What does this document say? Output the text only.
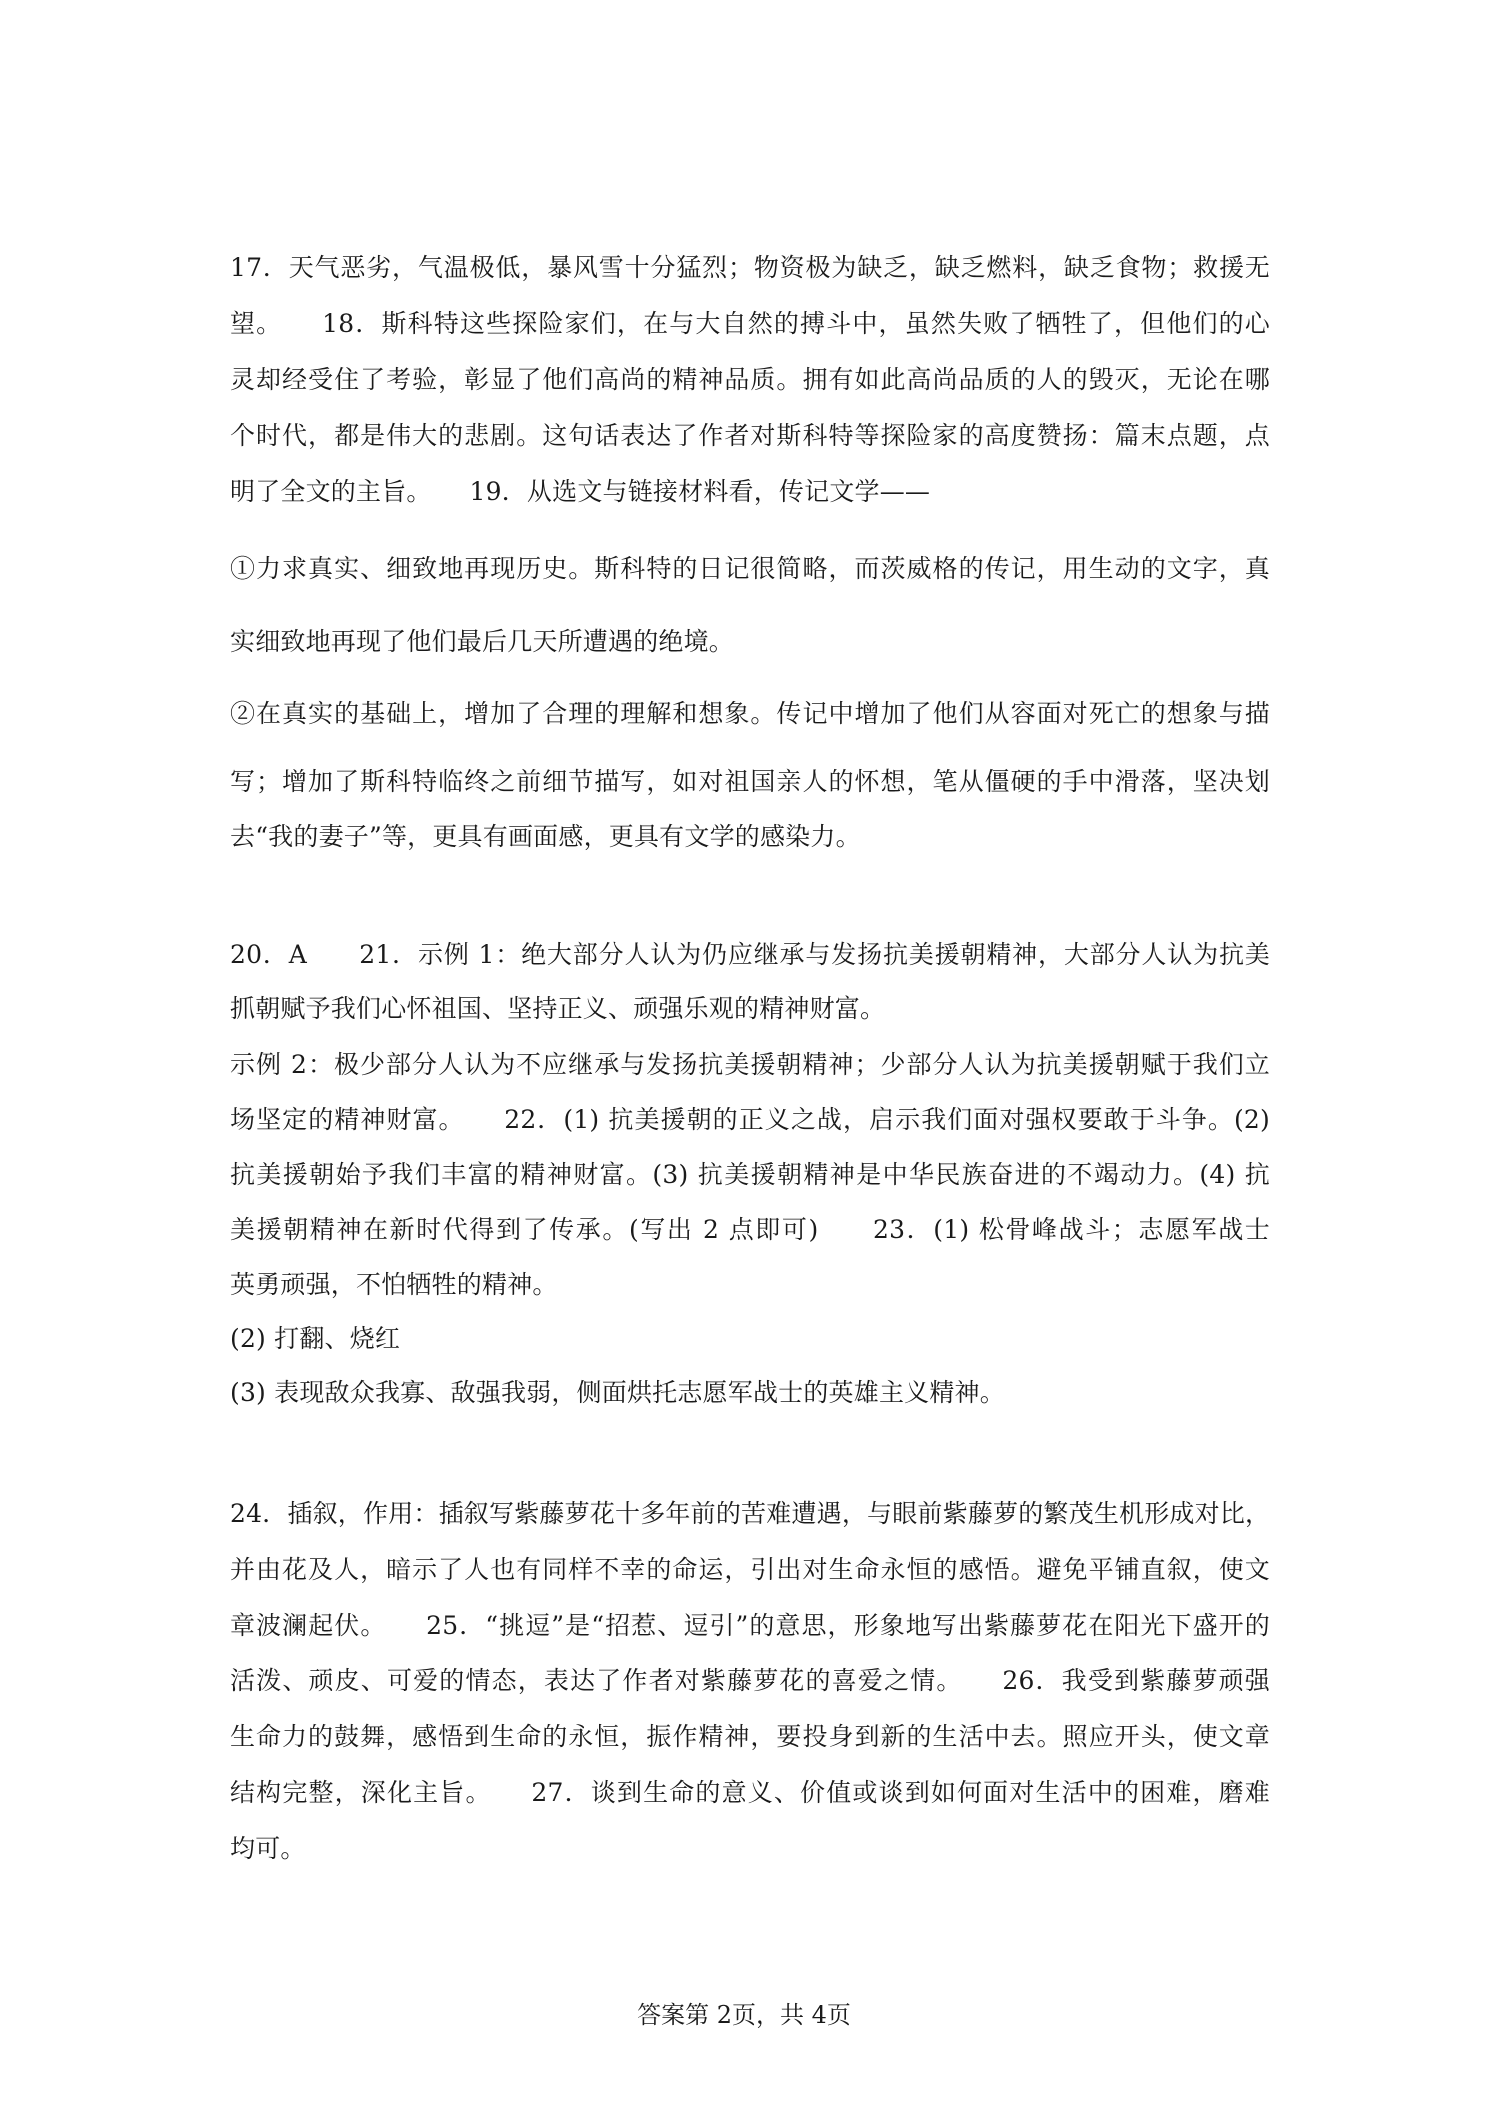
17．天气恶劣，气温极低，暴风雪十分猛烈；物资极为缺乏，缺乏燃料，缺乏食物；救援无
望。　　18．斯科特这些探险家们，在与大自然的搏斗中，虽然失败了牺牲了，但他们的心
灵却经受住了考验，彰显了他们高尚的精神品质。拥有如此高尚品质的人的毁灭，无论在哪
个时代，都是伟大的悲剧。这句话表达了作者对斯科特等探险家的高度赞扬：篇末点题，点
明了全文的主旨。　　19．从选文与链接材料看，传记文学——
①力求真实、细致地再现历史。斯科特的日记很简略，而茨威格的传记，用生动的文字，真
实细致地再现了他们最后几天所遭遇的绝境。
②在真实的基础上，增加了合理的理解和想象。传记中增加了他们从容面对死亡的想象与描
写；增加了斯科特临终之前细节描写，如对祖国亲人的怀想，笔从僵硬的手中滑落，坚决划
去“我的妻子”等，更具有画面感，更具有文学的感染力。
20．A　　21．示例 1：绝大部分人认为仍应继承与发扬抗美援朝精神，大部分人认为抗美
抓朝赋予我们心怀祖国、坚持正义、顽强乐观的精神财富。
示例 2：极少部分人认为不应继承与发扬抗美援朝精神；少部分人认为抗美援朝赋于我们立
场坚定的精神财富。　　22．(1) 抗美援朝的正义之战，启示我们面对强权要敢于斗争。(2)
抗美援朝始予我们丰富的精神财富。(3) 抗美援朝精神是中华民族奋进的不竭动力。(4) 抗
美援朝精神在新时代得到了传承。(写出 2 点即可)　　23．(1) 松骨峰战斗；志愿军战士
英勇顽强，不怕牺牲的精神。
(2) 打翻、烧红
(3) 表现敌众我寡、敌强我弱，侧面烘托志愿军战士的英雄主义精神。
24．插叙，作用：插叙写紫藤萝花十多年前的苦难遭遇，与眼前紫藤萝的繁茂生机形成对比，
并由花及人，暗示了人也有同样不幸的命运，引出对生命永恒的感悟。避免平铺直叙，使文
章波澜起伏。　　25．“挑逗”是“招惹、逗引”的意思，形象地写出紫藤萝花在阳光下盛开的
活泼、顽皮、可爱的情态，表达了作者对紫藤萝花的喜爱之情。　　26．我受到紫藤萝顽强
生命力的鼓舞，感悟到生命的永恒，振作精神，要投身到新的生活中去。照应开头，使文章
结构完整，深化主旨。　　27．谈到生命的意义、价值或谈到如何面对生活中的困难，磨难
均可。
答案第 2页，共 4页
